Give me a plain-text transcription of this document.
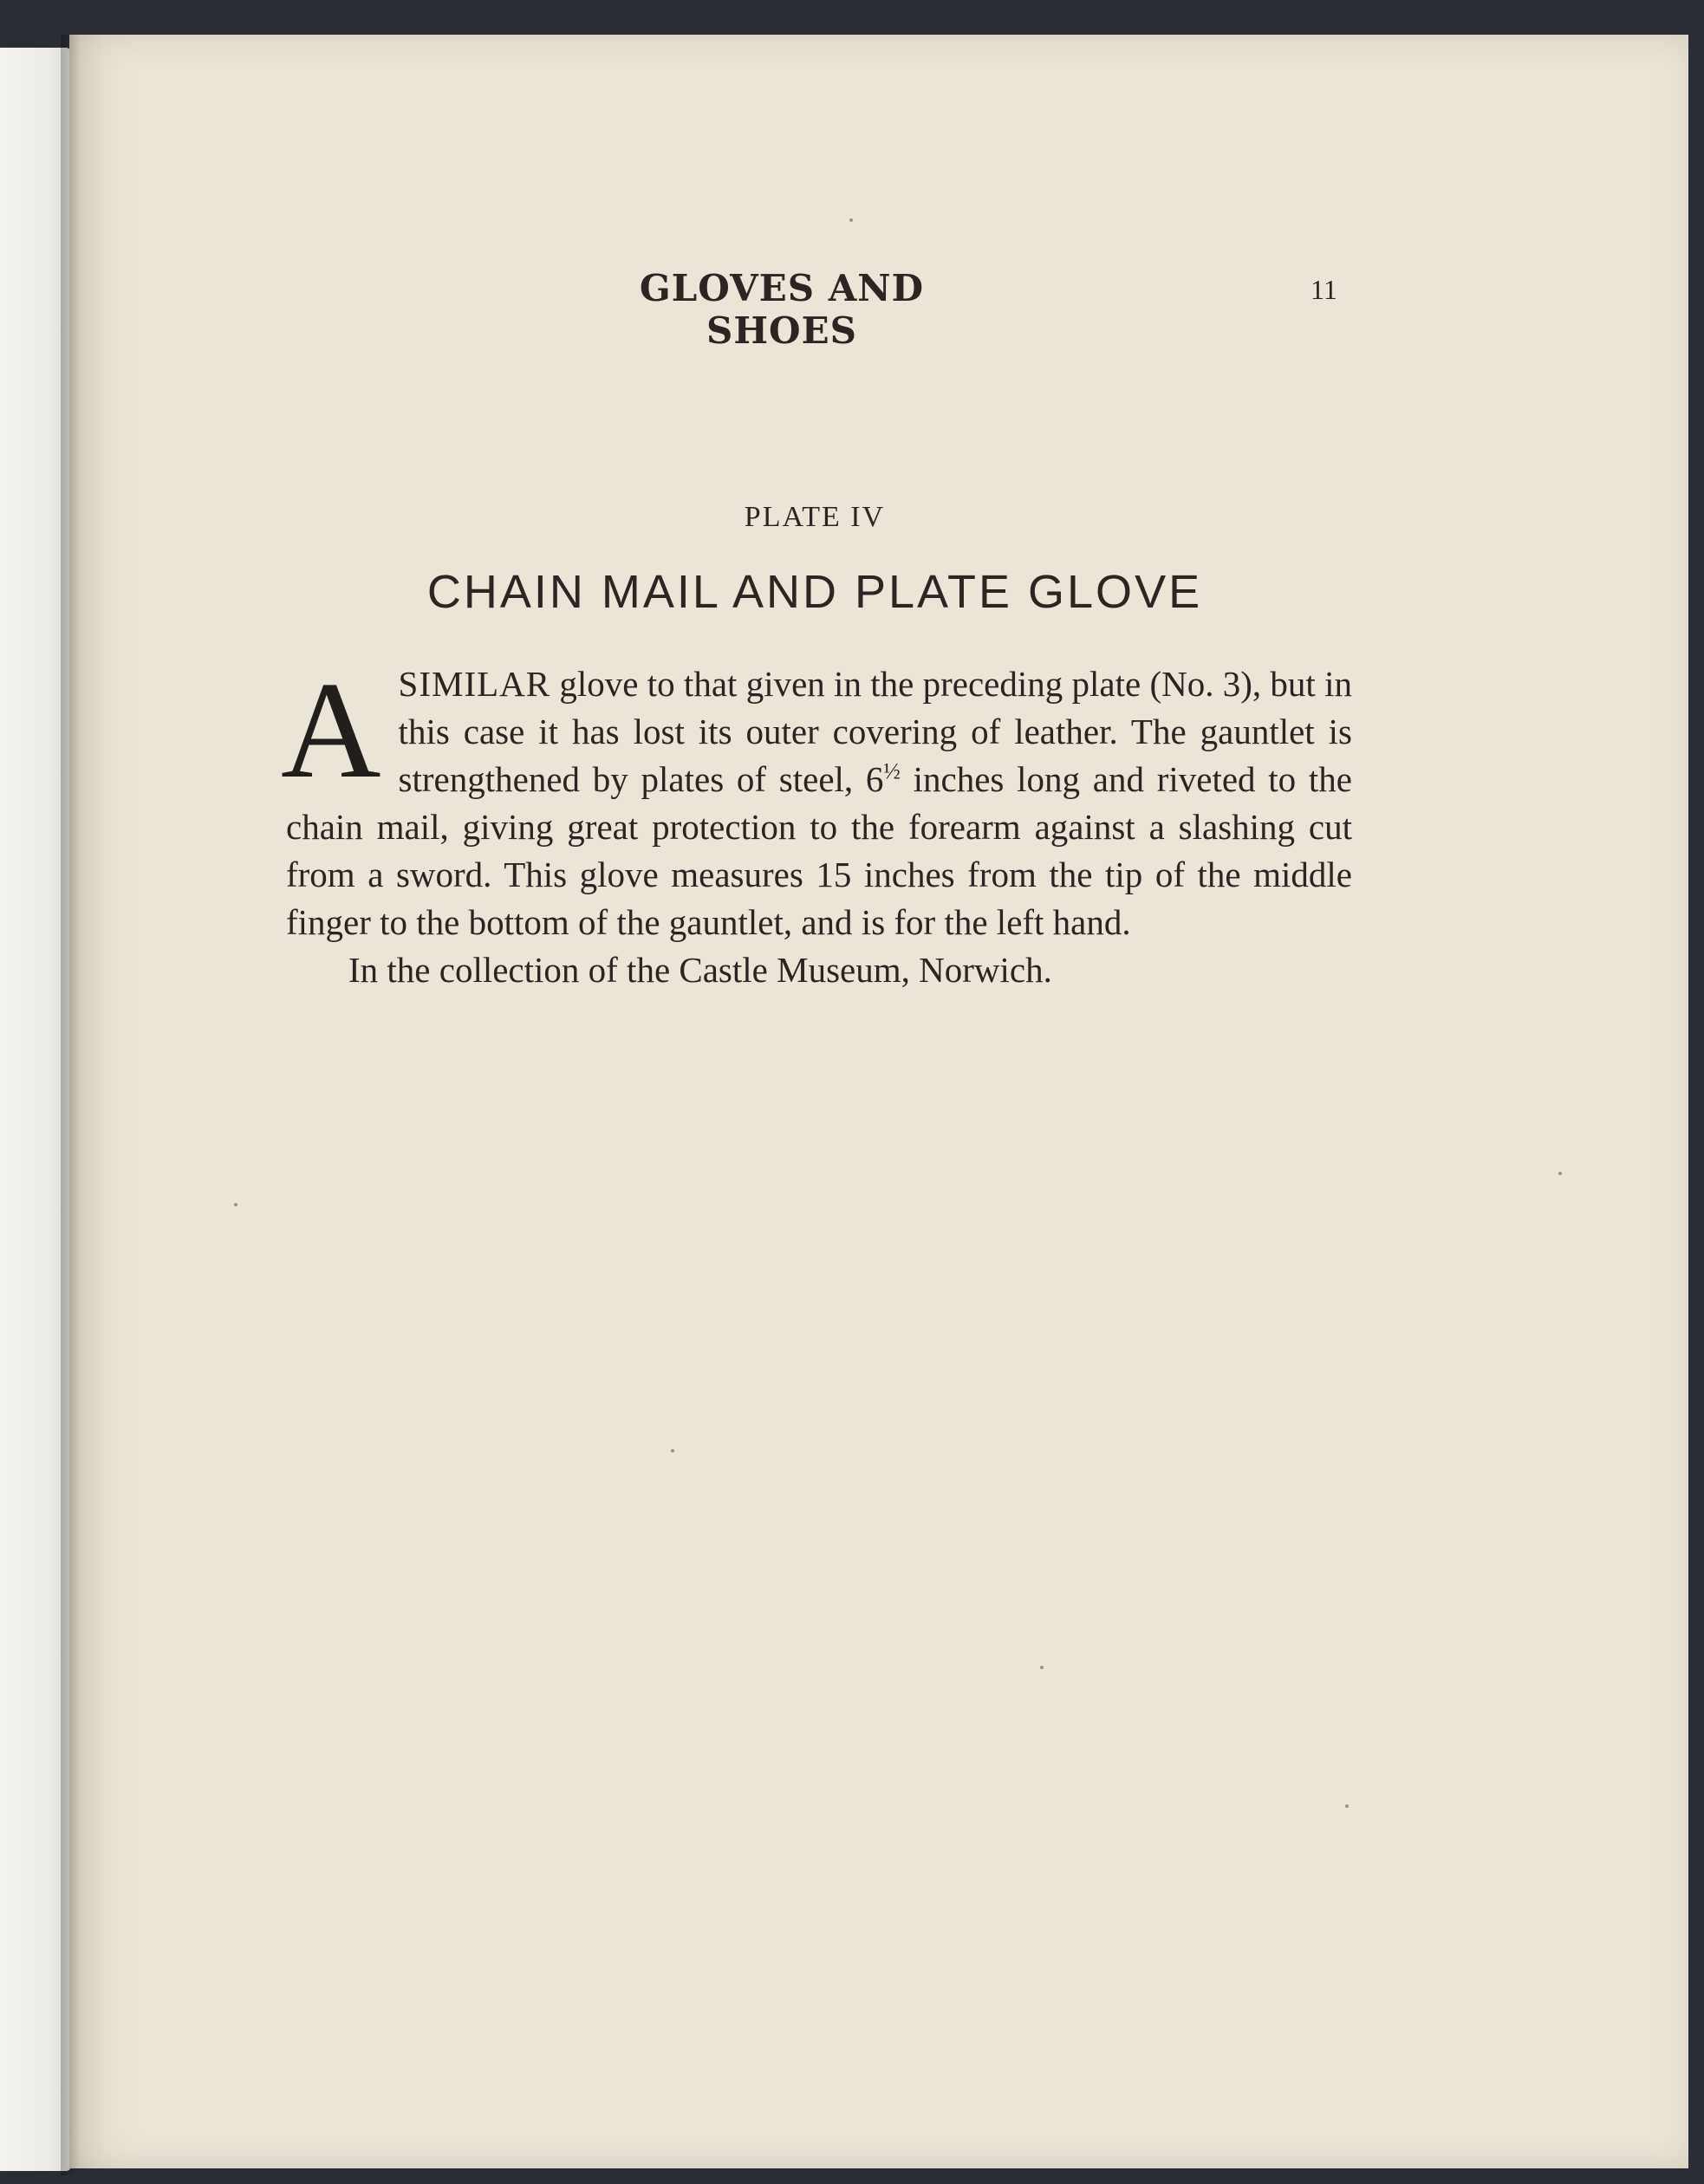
GLOVES AND SHOES
11
PLATE IV
CHAIN MAIL AND PLATE GLOVE

ASIMILAR glove to that given in the preceding plate (No. 3), but in this case it has lost its outer covering of leather. The gauntlet is strengthened by plates of steel, $6^{\frac{1}{2}}$ inches long and riveted to the chain mail, giving great protection to the forearm against a slashing cut from a sword. This glove measures 15 inches from the tip of the middle finger to the bottom of the gauntlet, and is for the left hand.

In the collection of the Castle Museum, Norwich.
